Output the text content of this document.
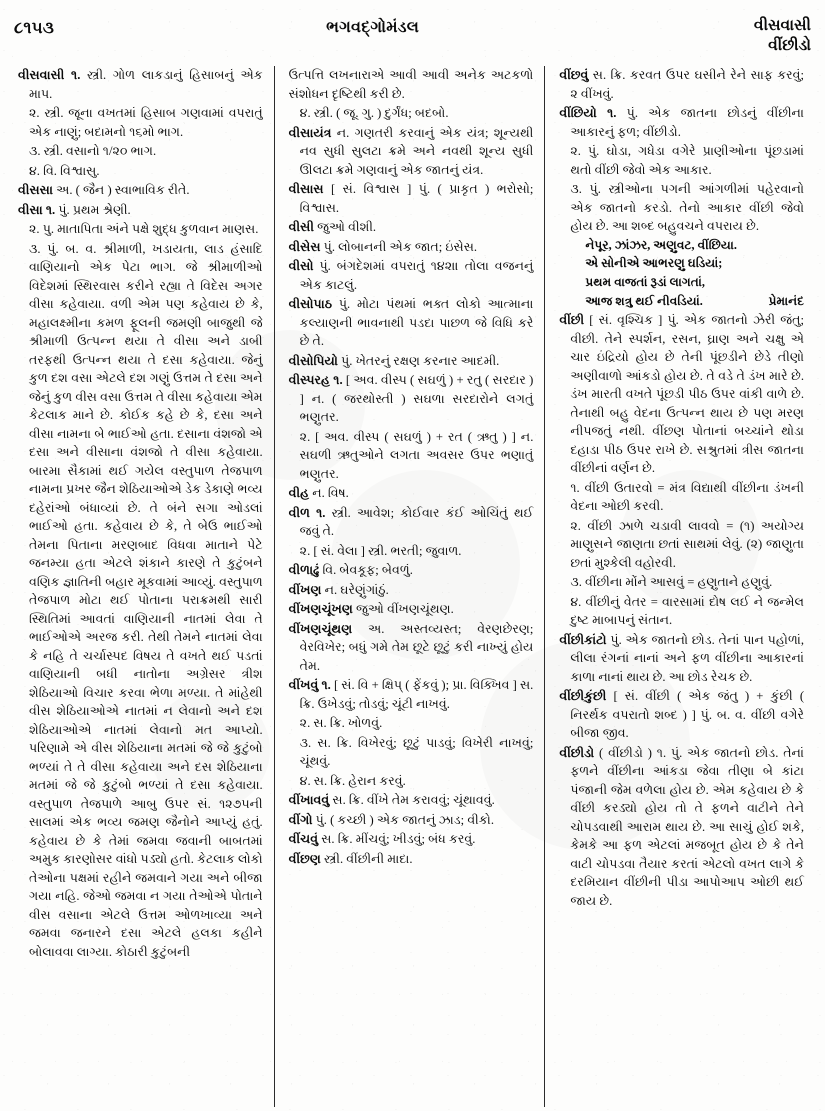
૮૧૫૩	ભગવદ્ગોમંડલ	વીસવાસી
વીંછીડો

વીસવાસી ૧. સ્ત્રી. ગોળ લાકડાનું હિસાબનું એક માપ.

૨. સ્ત્રી. જૂના વખતમાં હિસાબ ગણવામાં વપરાતું એક નાણું; બદામનો ૧૬મો ભાગ.

૩. સ્ત્રી. વસાનો ૧/૨૦ ભાગ.

૪. વિ. વિશ્વાસુ.

વીસસા અ. ( જૈન ) સ્વાભાવિક રીતે.

વીસા ૧. પું. પ્રથમ શ્રેણી.

૨. પુ. માતાપિતા અંને પક્ષે શુદ્ધ કુળવાન માણસ.

૩. પું. બ. વ. શ્રીમાળી, ખડાયતા, લાડ હંસાદિ વાણિયાનો એક પેટા ભાગ. જે શ્રીમાળીઓ વિદેશમાં સ્થિરવાસ કરીને રહ્યા તે વિદેસ અગર વીસા કહેવાયા. વળી એમ પણ કહેવાય છે કે, મહાલક્ષ્મીના કમળ ફૂલની જમણી બાજુથી જે શ્રીમાળી ઉત્પન્ન થયા તે વીસા અને ડાબી તરફથી ઉત્પન્ન થયા તે દસા કહેવાયા. જેનું કુળ દશ વસા એટલે દશ ગણું ઉત્તમ તે દસા અને જેનું કુળ વીસ વસા ઉત્તમ તે વીસા કહેવાયા એમ કેટલાક માને છે. કોઈક કહે છે કે, દસા અને વીસા નામના બે ભાઈઓ હતા. દસાના વંશજો એ દસા અને વીસાના વંશજો તે વીસા કહેવાયા. બારમા સૈકામાં થઈ ગયેલ વસ્તુપાળ તેજપાળ નામના પ્રખર જૈન શેઠિયાઓએ ડેક ડેકાણે ભવ્ય દહેરાંઓ બંધાવ્યાં છે. તે બંને સગા ઓડલાં ભાઈઓ હતા. કહેવાય છે કે, તે બેઉ ભાઈઓ તેમના પિતાના મરણબાદ વિધવા માતાને પેટે જનમ્યા હતા એટલે શંકાને કારણે તે કુટુંબને વણિક જ્ઞાતિની બહાર મૂકવામાં આવ્યું. વસ્તુપાળ તેજપાળ મોટા થઈ પોતાના પરાક્રમથી સારી સ્થિતિમાં આવતાં વાણિયાની નાતમાં લેવા તે ભાઈઓએ અરજ કરી. તેથી તેમને નાતમાં લેવા કે નહિ તે ચર્ચાસ્પદ વિષય તે વખતે થઈ પડતાં વાણિયાની બધી નાતોના અગ્રેસર ત્રીશ શેઠિયાઓ વિચાર કરવા ભેળા મળ્યા. તે માંહેથી વીસ શેઠિયાઓએ નાતમાં ન લેવાનો અને દશ શેઠિયાઓએ નાતમાં લેવાનો મત આપ્યો. પરિણામે એ વીસ શેઠિયાના મતમાં જે જે કુટુંબો ભળ્યાં તે તે વીસા કહેવાયા અને દસ શેઠિયાના મતમાં જે જે કુટુંબો ભળ્યાં તે દસા કહેવાયા. વસ્તુપાળ તેજપાળે આબુ ઉપર સં. ૧૨૭૫ની સાલમાં એક ભવ્ય જમણ જૈનોને આપ્યું હતું. કહેવાય છે કે તેમાં જમવા જવાની બાબતમાં અમુક કારણોસર વાંધો પડ્યો હતો. કેટલાક લોકો તેઓના પક્ષમાં રહીને જમવાને ગયા અને બીજા ગયા નહિ. જેઓ જમવા ન ગયા તેઓએ પોતાને વીસ વસાના એટલે ઉત્તમ ઓળખાવ્યા અને જમવા જનારને દસા એટલે હલકા કહીને બોલાવવા લાગ્યા. કોઠારી કુટુંબની

ઉત્પત્તિ લખનારાએ આવી આવી અનેક અટકળો સંશોધન દૃષ્ટિથી કરી છે.

૪. સ્ત્રી. ( જૂ. ગુ. ) દુર્ગંધ; બદબો.

વીસાયંત્ર ન. ગણતરી કરવાનું એક યંત્ર; શૂન્યથી નવ સુધી સુલટા ક્રમે અને નવથી શૂન્ય સુધી ઊલટા ક્રમે ગણવાનું એક જાતનું યંત્ર.

વીસાસ [ સં. વિશ્વાસ ] પું. ( પ્રાકૃત ) ભરોસો; વિશ્વાસ.

વીસી જુઓ વીશી.

વીસેસ પું. લોબાનની એક જાત; ઇંસેસ.

વીસો પું. બંગદેશમાં વપરાતું ૧૪૨॥ તોલા વજનનું એક કાટલું.

વીસોપાઠ પું. મોટા પંથમાં ભક્ત લોકો આત્માના કલ્યાણની ભાવનાથી પડદા પાછળ જે વિધિ કરે છે તે.

વીસોપિયો પું. ખેતરનું રક્ષણ કરનાર આદમી.

વીસ્પરહ ૧. [ અવ. વીસ્પ ( સઘળું ) + રતુ ( સરદાર ) ] ન. ( જરથોસ્તી ) સઘળા સરદારોને લગતું ભણુતર.

૨. [ અવ. વીસ્પ ( સઘળું ) + રત ( ઋતુ ) ] ન. સઘળી ઋતુઓને લગતા અવસર ઉપર ભણાતું ભણુતર.

વીહ ન. વિષ.

વીળ ૧. સ્ત્રી. આવેશ; કોઈવાર કંઈ ઓચિંતું થઈ જવું તે.

૨. [ સં. વેલા ] સ્ત્રી. ભરતી; જુવાળ.

વીળાઢું વિ. બેવકૂફ; બેવળું.

વીંખણ ન. ઘરેણુંગાંઠું.

વીંખણચૂંખણ જુઓ વીંખણચૂંથણ.

વીંખણચૂંથણ અ. અસ્તવ્યસ્ત; વેરણછેરણ; વેરવિખેર; બધું ગમે તેમ છૂટે છૂટું કરી નાખ્યું હોય તેમ.

વીંખવું ૧. [ સં. વિ + ક્ષિપ્ ( ફેંકવું ); પ્રા. વિક્ખિવ ] સ. ક્રિ. ઉખેડવું; તોડવું; ચૂંટી નાખવું.

૨. સ. ક્રિ. ખોળવું.

૩. સ. ક્રિ. વિખેરવું; છૂટું પાડવું; વિખેરી નાખવું; ચૂંથવું.

૪. સ. ક્રિ. હેરાન કરવું.

વીંખાવવું સ. ક્રિ. વીંખે તેમ કરાવવું; ચૂંથાવવું.

વીંગો પું. ( કચ્છી ) એક જાતનું ઝાડ; વીકો.

વીંચવું સ. ક્રિ. મીંચવું; ખીડવું; બંધ કરવું.

વીંછણ સ્ત્રી. વીંછીની માદા.

વીંછવું સ. ક્રિ. કરવત ઉપર ઘસીને રેને સાફ કરવું; ૨ વીંખવું.

વીંછિયો ૧. પું. એક જાતના છોડનું વીંછીના આકારનું ફળ; વીંછીડો.

૨. પું. ઘોડા, ગધેડા વગેરે પ્રાણીઓના પૂંછડામાં થતો વીંછી જેવો એક આકાર.

૩. પું. સ્ત્રીઓના પગની આંગળીમાં પહેરવાનો એક જાતનો કરડો. તેનો આકાર વીંછી જેવો હોય છે. આ શબ્દ બહુવચને વપરાય છે.

નેપૂર, ઝાંઝર, અણુવટ, વીંછિયા.

એ સોનીએ આભરણુ ઘડિયાં;

પ્રથમ વાજતાં રૂડાં લાગતાં,

પ્રેમાનંદ
આજ શત્રુ થઈ નીવડિયાં.

વીંછી [ સં. વૃશ્ચિક ] પું. એક જાતનો ઝેરી જંતુ; વીછી. તેને સ્પર્શન, રસન, ઘ્રાણ અને ચક્ષુ એ ચાર ઇંદ્રિયો હોય છે તેની પૂંછડીને છેડે તીણો અણીવાળો આંકડો હોય છે. તે વડે તે ડંખ મારે છે. ડંખ મારતી વખતે પૂંછડી પીઠ ઉપર વાંકી વાળે છે. તેનાથી બહુ વેદના ઉત્પન્ન થાય છે પણ મરણ નીપજતું નથી. વીંછણ પોતાનાં બચ્ચાંને થોડા દહાડા પીઠ ઉપર રાખે છે. સશ્રુતમાં ત્રીસ જાતના વીંછીનાં વર્ણન છે.

૧. વીંછી ઉતારવો = મંત્ર વિદ્યાથી વીંછીના ડંખની વેદના ઓછી કરવી.

૨. વીંછી ઝાળે ચડાવી લાવવો = (૧) અયોગ્ય માણુસને જાણતા છતાં સાથમાં લેવું. (૨) જાણુતા છતાં મુશ્કેલી વહોરવી.

૩. વીંછીના મોંને આસવું = હણુતાને હણુવું.

૪. વીંછીનું વેતર = વારસામાં દોષ લઈ ને જન્મેલ દુષ્ટ માબાપનું સંતાન.

વીંછીકાંટો પું. એક જાતનો છોડ. તેનાં પાન પહોળાં, લીલા રંગનાં નાનાં અને ફળ વીંછીના આકારનાં કાળા નાનાં થાય છે. આ છોડ રેચક છે.

વીંછીકુંછી [ સં. વીંછી ( એક જંતુ ) + કુંછી ( નિરર્થક વપરાતો શબ્દ ) ] પું. બ. વ. વીંછી વગેરે બીજા જીવ.

વીંછીડો ( વીંછીડો ) ૧. પું. એક જાતનો છોડ. તેનાં ફળને વીંછીના આંકડા જેવા તીણા બે કાંટા પંજાની જેમ વળેલા હોય છે. એમ કહેવાય છે કે વીંછી કરડ્યો હોય તો તે ફળને વાટીને તેને ચોપડવાથી આરામ થાય છે. આ સાચું હોઈ શકે, કેમકે આ ફળ એટલાં મજબૂત હોય છે કે તેને વાટી ચોપડવા તૈયાર કરતાં એટલો વખત લાગે કે દરમિયાન વીંછીની પીડા આપોઆપ ઓછી થઈ જાય છે.
